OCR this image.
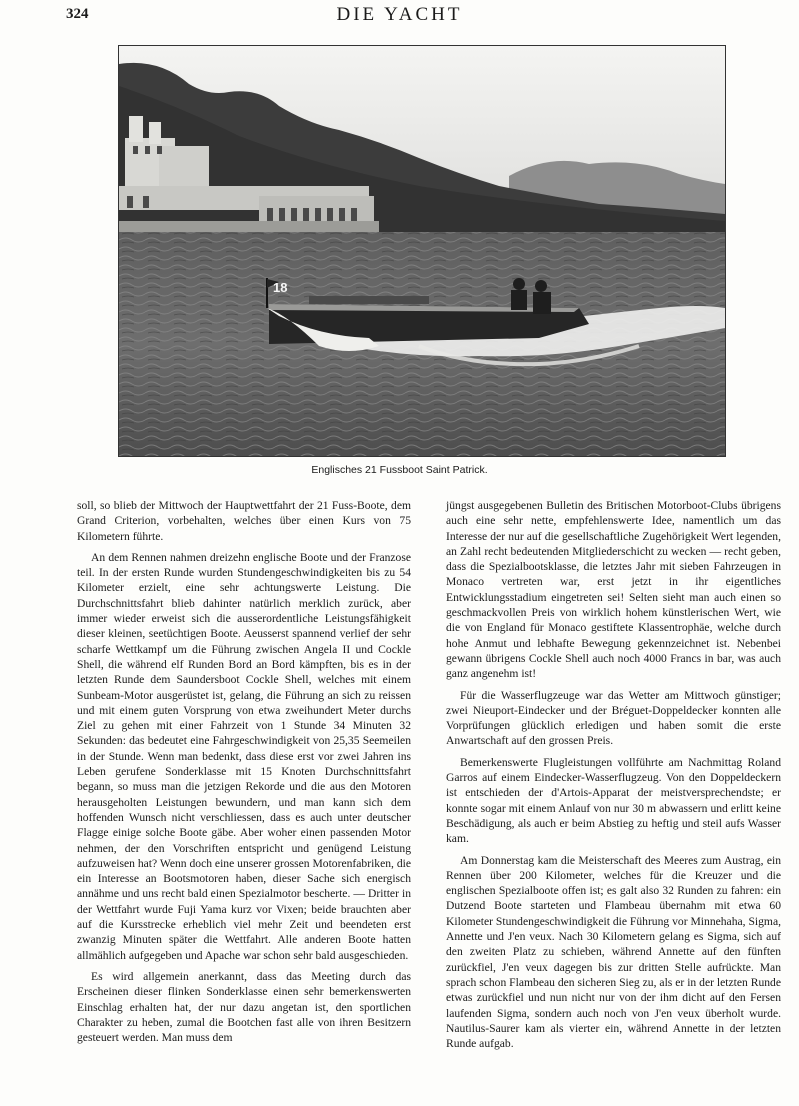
324	DIE YACHT
18
Englisches 21 Fussboot Saint Patrick.

soll, so blieb der Mittwoch der Hauptwettfahrt der 21 Fuss-Boote, dem Grand Criterion, vorbehalten, welches über einen Kurs von 75 Kilometern führte.

An dem Rennen nahmen dreizehn englische Boote und der Franzose teil. In der ersten Runde wurden Stundengeschwindigkeiten bis zu 54 Kilometer erzielt, eine sehr achtungswerte Leistung. Die Durchschnittsfahrt blieb dahinter natürlich merklich zurück, aber immer wieder erweist sich die ausserordentliche Leistungsfähigkeit dieser kleinen, seetüchtigen Boote. Aeusserst spannend verlief der sehr scharfe Wettkampf um die Führung zwischen Angela II und Cockle Shell, die während elf Runden Bord an Bord kämpften, bis es in der letzten Runde dem Saundersboot Cockle Shell, welches mit einem Sunbeam-Motor ausgerüstet ist, gelang, die Führung an sich zu reissen und mit einem guten Vorsprung von etwa zweihundert Meter durchs Ziel zu gehen mit einer Fahrzeit von 1 Stunde 34 Minuten 32 Sekunden: das bedeutet eine Fahrgeschwindigkeit von 25,35 Seemeilen in der Stunde. Wenn man bedenkt, dass diese erst vor zwei Jahren ins Leben gerufene Sonderklasse mit 15 Knoten Durchschnittsfahrt begann, so muss man die jetzigen Rekorde und die aus den Motoren herausgeholten Leistungen bewundern, und man kann sich dem hoffenden Wunsch nicht verschliessen, dass es auch unter deutscher Flagge einige solche Boote gäbe. Aber woher einen passenden Motor nehmen, der den Vorschriften entspricht und genügend Leistung aufzuweisen hat? Wenn doch eine unserer grossen Motorenfabriken, die ein Interesse an Bootsmotoren haben, dieser Sache sich energisch annähme und uns recht bald einen Spezialmotor bescherte. — Dritter in der Wettfahrt wurde Fuji Yama kurz vor Vixen; beide brauchten aber auf die Kursstrecke erheblich viel mehr Zeit und beendeten erst zwanzig Minuten später die Wettfahrt. Alle anderen Boote hatten allmählich aufgegeben und Apache war schon sehr bald ausgeschieden.

Es wird allgemein anerkannt, dass das Meeting durch das Erscheinen dieser flinken Sonderklasse einen sehr bemerkenswerten Einschlag erhalten hat, der nur dazu angetan ist, den sportlichen Charakter zu heben, zumal die Bootchen fast alle von ihren Besitzern gesteuert werden. Man muss dem

jüngst ausgegebenen Bulletin des Britischen Motorboot-Clubs übrigens auch eine sehr nette, empfehlenswerte Idee, namentlich um das Interesse der nur auf die gesellschaftliche Zugehörigkeit Wert legenden, an Zahl recht bedeutenden Mitgliederschicht zu wecken — recht geben, dass die Spezialbootsklasse, die letztes Jahr mit sieben Fahrzeugen in Monaco vertreten war, erst jetzt in ihr eigentliches Entwicklungsstadium eingetreten sei! Selten sieht man auch einen so geschmackvollen Preis von wirklich hohem künstlerischen Wert, wie die von England für Monaco gestiftete Klassentrophäe, welche durch hohe Anmut und lebhafte Bewegung gekennzeichnet ist. Nebenbei gewann übrigens Cockle Shell auch noch 4000 Francs in bar, was auch ganz angenehm ist!

Für die Wasserflugzeuge war das Wetter am Mittwoch günstiger; zwei Nieuport-Eindecker und der Bréguet-Doppeldecker konnten alle Vorprüfungen glücklich erledigen und haben somit die erste Anwartschaft auf den grossen Preis.

Bemerkenswerte Flugleistungen vollführte am Nachmittag Roland Garros auf einem Eindecker-Wasserflugzeug. Von den Doppeldeckern ist entschieden der d'Artois-Apparat der meistversprechendste; er konnte sogar mit einem Anlauf von nur 30 m abwassern und erlitt keine Beschädigung, als auch er beim Abstieg zu heftig und steil aufs Wasser kam.

Am Donnerstag kam die Meisterschaft des Meeres zum Austrag, ein Rennen über 200 Kilometer, welches für die Kreuzer und die englischen Spezialboote offen ist; es galt also 32 Runden zu fahren: ein Dutzend Boote starteten und Flambeau übernahm mit etwa 60 Kilometer Stundengeschwindigkeit die Führung vor Minnehaha, Sigma, Annette und J'en veux. Nach 30 Kilometern gelang es Sigma, sich auf den zweiten Platz zu schieben, während Annette auf den fünften zurückfiel, J'en veux dagegen bis zur dritten Stelle aufrückte. Man sprach schon Flambeau den sicheren Sieg zu, als er in der letzten Runde etwas zurückfiel und nun nicht nur von der ihm dicht auf den Fersen laufenden Sigma, sondern auch noch von J'en veux überholt wurde. Nautilus-Saurer kam als vierter ein, während Annette in der letzten Runde aufgab.
